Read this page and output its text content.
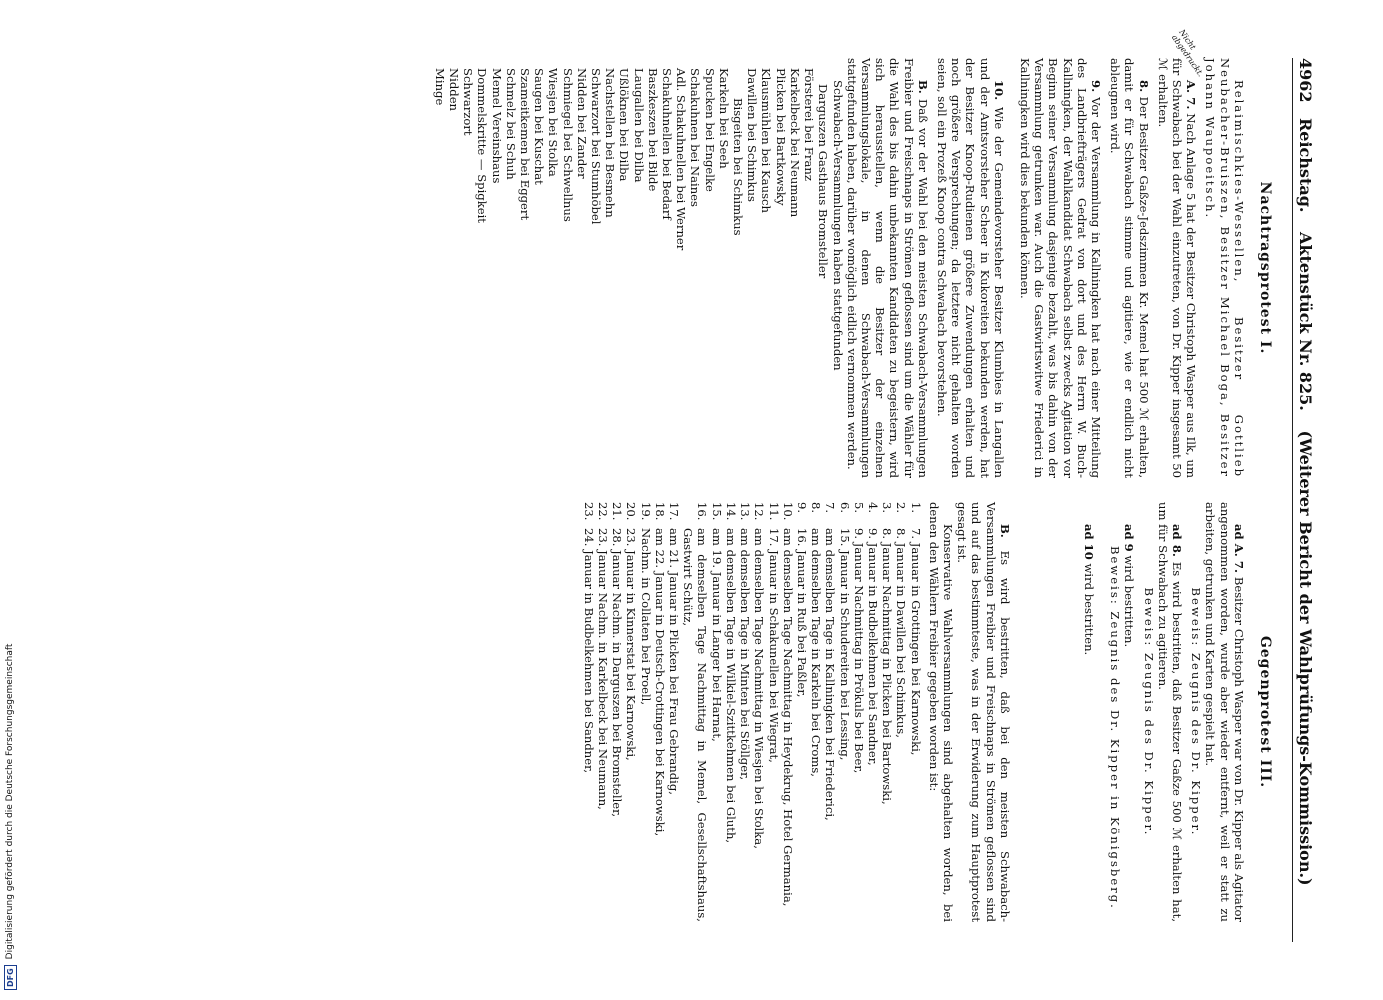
4962
Reichstag. Aktenstück Nr. 825. (Weiterer Bericht der Wahlprüfungs-Kommission.)
Nachtragsprotest I.

Relaimischkies-Wessellen, Besitzer Gottlieb Neubacher-Bruiszen, Besitzer Michael Boga, Besitzer Johann Waupoeitsch.

Nicht abgedruckt.

A. 7. Nach Anlage 5 hat der Besitzer Christoph Wasper aus Ilk, um für Schwabach bei der Wahl einzutreten, von Dr. Kipper insgesamt 50 ℳ erhalten.

8. Der Besitzer Gaßze-Jedszimmen Kr. Memel hat 500 ℳ erhalten, damit er für Schwabach stimme und agitiere, wie er endlich nicht ableugnen wird.

9. Vor der Versammlung in Kallningken hat nach einer Mitteilung des Landbriefträgers Gedrat von dort und des Herrn W. Buch-Kallningken, der Wahlkandidat Schwabach selbst zwecks Agitation vor Beginn seiner Versammlung dasjenige bezahlt, was bis dahin von der Versammlung getrunken war. Auch die Gastwirtswitwe Friederici in Kallningken wird dies bekunden können.

10. Wie der Gemeindevorsteher Besitzer Klumbies in Langallen und der Amtsvorsteher Scheer in Kukoreiten bekunden werden, hat der Besitzer Knoop-Rudienen größere Zuwendungen erhalten und noch größere Versprechungen; da letztere nicht gehalten worden seien, soll ein Prozeß Knoop contra Schwabach bevorstehen.

B. Daß vor der Wahl bei den meisten Schwabach-Versammlungen Freibier und Freischnaps in Strömen geflossen sind um die Wähler für die Wahl des bis dahin unbekannten Kandidaten zu begeistern, wird sich herausstellen, wenn die Besitzer der einzelnen Versammlungslokale, in denen Schwabach-Versammlungen stattgefunden haben, darüber womöglich eidlich vernommen werden.

Schwabach-Versammlungen haben stattgefunden

Darguszen Gasthaus Bromsteller
Försterei bei Franz
Karkelbeck bei Neumann
Plicken bei Bartkowsky
Klausmühlen bei Kausch
Dawillen bei Schimkus
Bisgeiten bei Schimkus
Karkeln bei Seeh
Spucken bei Engelke
Schakuhnen bei Naines
Adl. Schakuhnellen bei Werner
Schakuhnellen bei Bedarf
Baszkeszen bei Bilde
Laugallen bei Dilba
Ußlöknen bei Dilba
Nachstellen bei Besmehn
Schwarzort bei Stumhöbel
Nidden bei Zander
Schmiegel bei Schwellnus
Wiesjen bei Stolka
Saugen bei Kuschat
Szameitkemen bei Eggert
Schmelz bei Schuh
Memel Vereinshaus
Dommelskritte — Spigkeit
Schwarzort
Nidden
Minge
Gegenprotest III.

ad A. 7. Besitzer Christoph Wasper war von Dr. Kipper als Agitator angenommen worden, wurde aber wieder entfernt, weil er statt zu arbeiten, getrunken und Karten gespielt hat.

Beweis: Zeugnis des Dr. Kipper.

ad 8. Es wird bestritten, daß Besitzer Gaßze 500 ℳ erhalten hat, um für Schwabach zu agitieren.

Beweis: Zeugnis des Dr. Kipper.

ad 9 wird bestritten.

Beweis: Zeugnis des Dr. Kipper in Königsberg.

ad 10 wird bestritten.

B. Es wird bestritten, daß bei den meisten Schwabach-Versammlungen Freibier und Freischnaps in Strömen geflossen sind und auf das bestimmteste, was in der Erwiderung zum Hauptprotest gesagt ist.

Konservative Wahlversammlungen sind abgehalten worden, bei denen den Wählern Freibier gegeben worden ist:

1.
7. Januar in Grottingen bei Karnowski,
2.
8. Januar in Dawillen bei Schimkus,
3.
8. Januar Nachmittag in Plicken bei Bartowski,
4.
9. Januar in Budbelkehmen bei Sandner,
5.
9. Januar Nachmittag in Prökuls bei Beer,
6.
15. Januar in Schudereiten bei Lessing,
7.
am demselben Tage in Kallningken bei Friederici,
8.
am demselben Tage in Karkeln bei Croms,
9.
16. Januar in Ruß bei Paßler,
10.
am demselben Tage Nachmittag in Heydekrug, Hotel Germania,
11.
17. Januar in Schakunellen bei Wiegrat,
12.
am demselben Tage Nachmittag in Wiesjen bei Stolka,
13.
am demselben Tage in Minten bei Stöllger,
14.
am demselben Tage in Wilkiel-Szittkehmen bei Gluth,
15.
am 19. Januar in Langer bei Harnat,
16.
am demselben Tage Nachmittag in Memel, Gesellschaftshaus, Gastwirt Schütz,
17.
am 21. Januar in Plicken bei Frau Gebrandig,
18.
am 22. Januar in Deutsch-Crottingen bei Karnowski,
19.
Nachm. in Collaten bei Proell,
20.
23. Januar in Kinnerstat bei Karnowski,
21.
28. Januar Nachm. in Darguszen bei Bromsteller,
22.
23. Januar Nachm. in Karkelbeck bei Neumann,
23.
24. Januar in Budbelkehmen bei Sandner,
DFG
Digitalisierung gefördert durch die Deutsche Forschungsgemeinschaft
